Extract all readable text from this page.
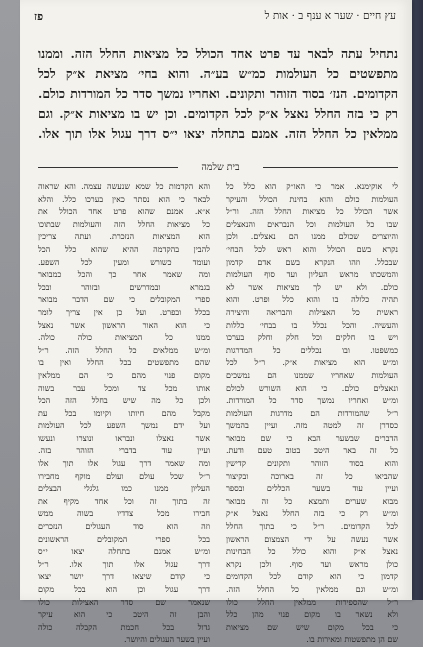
עץ חיים · שער א ענף ב · אות ל
פז
נתחיל עתה לבאר עד פרט אחד הכולל כל מציאות החלל הזה. וממנו
מתפשטים כל העולמות כמ״ש בע״ה. והוא בחי׳ מציאת א״ק לכל
הקדומים. הנז׳ בסוד הזוהר ותקונים. ואחריו נמשך סדר כל המורדות כולם.
רק כי בזה החלל נאצל א״ק לכל הקדומים. וכן יש בו מציאות א״ק. וגם
ממלאין כל החלל הזה. אמנם בתחלה יצאו י״ס דרך עגול אלו תוך אלו.
בית שלמה
לי אוקימנא. אמר כי האו״ק הוא כלל כל
העולמות כולם והוא בחינת הכולל והעיקר
אשר הכולל כל מציאות החלל הזה. ור״ל
שבו כל העולמות וכל הנבראים והנאצלים
והיוצרים שכולם ממנו הם נאצלים. ולכן
נקרא בשם הכולל והוא ראש לכל הבחי׳
שבכלל. וזהו הנקרא בשם אדם קדמון
והמשכתו מראש העליון ועד סוף העולמות
כולם. ולא יש לך מציאות אשר לא
תהיה כלולה בו והוא כלל ופרט. והוא
ראשית כל האצילות והבריאה והיצירה
והעשיה. והכל נכלל בו בבחי׳ כללות
ויש בו חלקים וכל חלק וחלק בערכו
כמשפטו. ובו נכללים כל המדרגות
ומ״ש הוא מציאות א״ק. ר״ל לכל
העולמות שאחריו שממנו הם נמשכים
ונאצלים כולם. כי הוא השורש לכולם
ומ״ש ואחריו נמשך סדר כל המורדות.
ר״ל שהמורדות הם מדרגות העולמות
כסדרן זה למטה מזה. ועיין בהמשך
הדברים שבשער הבא כי שם מבואר
כל זה באר היטב בטוב טעם ודעת.
והוא בסוד הזוהר ותקונים קדישין
שהביאו כל זה בארוכה ובקיצור
ועיין עוד בשער הכללים ובספר
מבוא שערים ותמצא כל זה מבואר
ומ״ש רק כי בזה החלל נאצל א״ק
לכל הקדומים. ר״ל כי בתוך החלל
אשר נעשה על ידי הצמצום הראשון
נאצל א״ק והוא כולל כל הבחינות
כולן מראש ועד סוף. ולכן נקרא
קדמון כי הוא קודם לכל הקדומים
ומ״ש וגם ממלאין כל החלל הזה.
ר״ל שהספירות ממלאין החלל כולו
ולא נשאר בו מקום פנוי מהן כלל
כי בכל מקום שיש שם מציאות
שם הן מתפשטות ומאירות בו.
והא הקדמות כל שמא שנעשה עצמה. והא שראוה
לבאר כי הוא נסתר כאין בערכו כלל. והלא
א״א. אמנם שהוא פרט אחד הכולל את
כל מציאות החלל הזה והעולמות שבתוכו
הוא המציאות הנזכרת. ועתה צריכין
להבין בהקדמה ההיא שהוא כלל הכל
ועומד כשורש ומעין לכל השפע.
ומה שאמר אחר כך והכל כמבואר
בגמרא ובמדרשים ובזוהר ובכל
ספרי המקובלים כי שם הדבר מבואר
בכלל ובפרט. ועל כן אין צריך לומר
כי הוא האור הראשון אשר נאצל
ממנו כל המציאות כולה כולה.
ומ״ש ממלאים כל החלל הזה. ר״ל
שהם מתפשטים בכל החלל ואין בו
מקום פנוי מהם כי הם ממלאין
אותו מכל צד ומכל עבר בשוה
ולכן כל מה שיש בחלל הזה הכל
מקבל מהם חיותו וקיומו בכל עת
ועל ידם נמשך השפע לכל העולמות
אשר נאצלו ונבראו ונוצרו ונעשו
ועיין עוד בדברי הזוהר בזה.
ומה שאמר דרך עגול אלו תוך אלו
ר״ל שכל עולם ועולם מוקף מחבירו
העליון ממנו כמו גלגלי הבצלים
זה בתוך זה וכל אחד מקיף את
חבירו מכל צדדיו בשוה ממש
וזה הוא סוד העגולים הנזכרים
בכל ספרי המקובלים הראשונים
ומ״ש אמנם בתחלה יצאו י״ס
דרך עגול אלו תוך אלו. ר״ל
כי קודם שיצאו דרך יושר יצאו
דרך עגול וכן הוא בכל מקום
שנאמר שם סדר האצילות כולו
והבן זה היטב כי הוא עיקר
גדול בכל חכמת הקבלה כולה
ועיין בשער העגולים והיושר.
